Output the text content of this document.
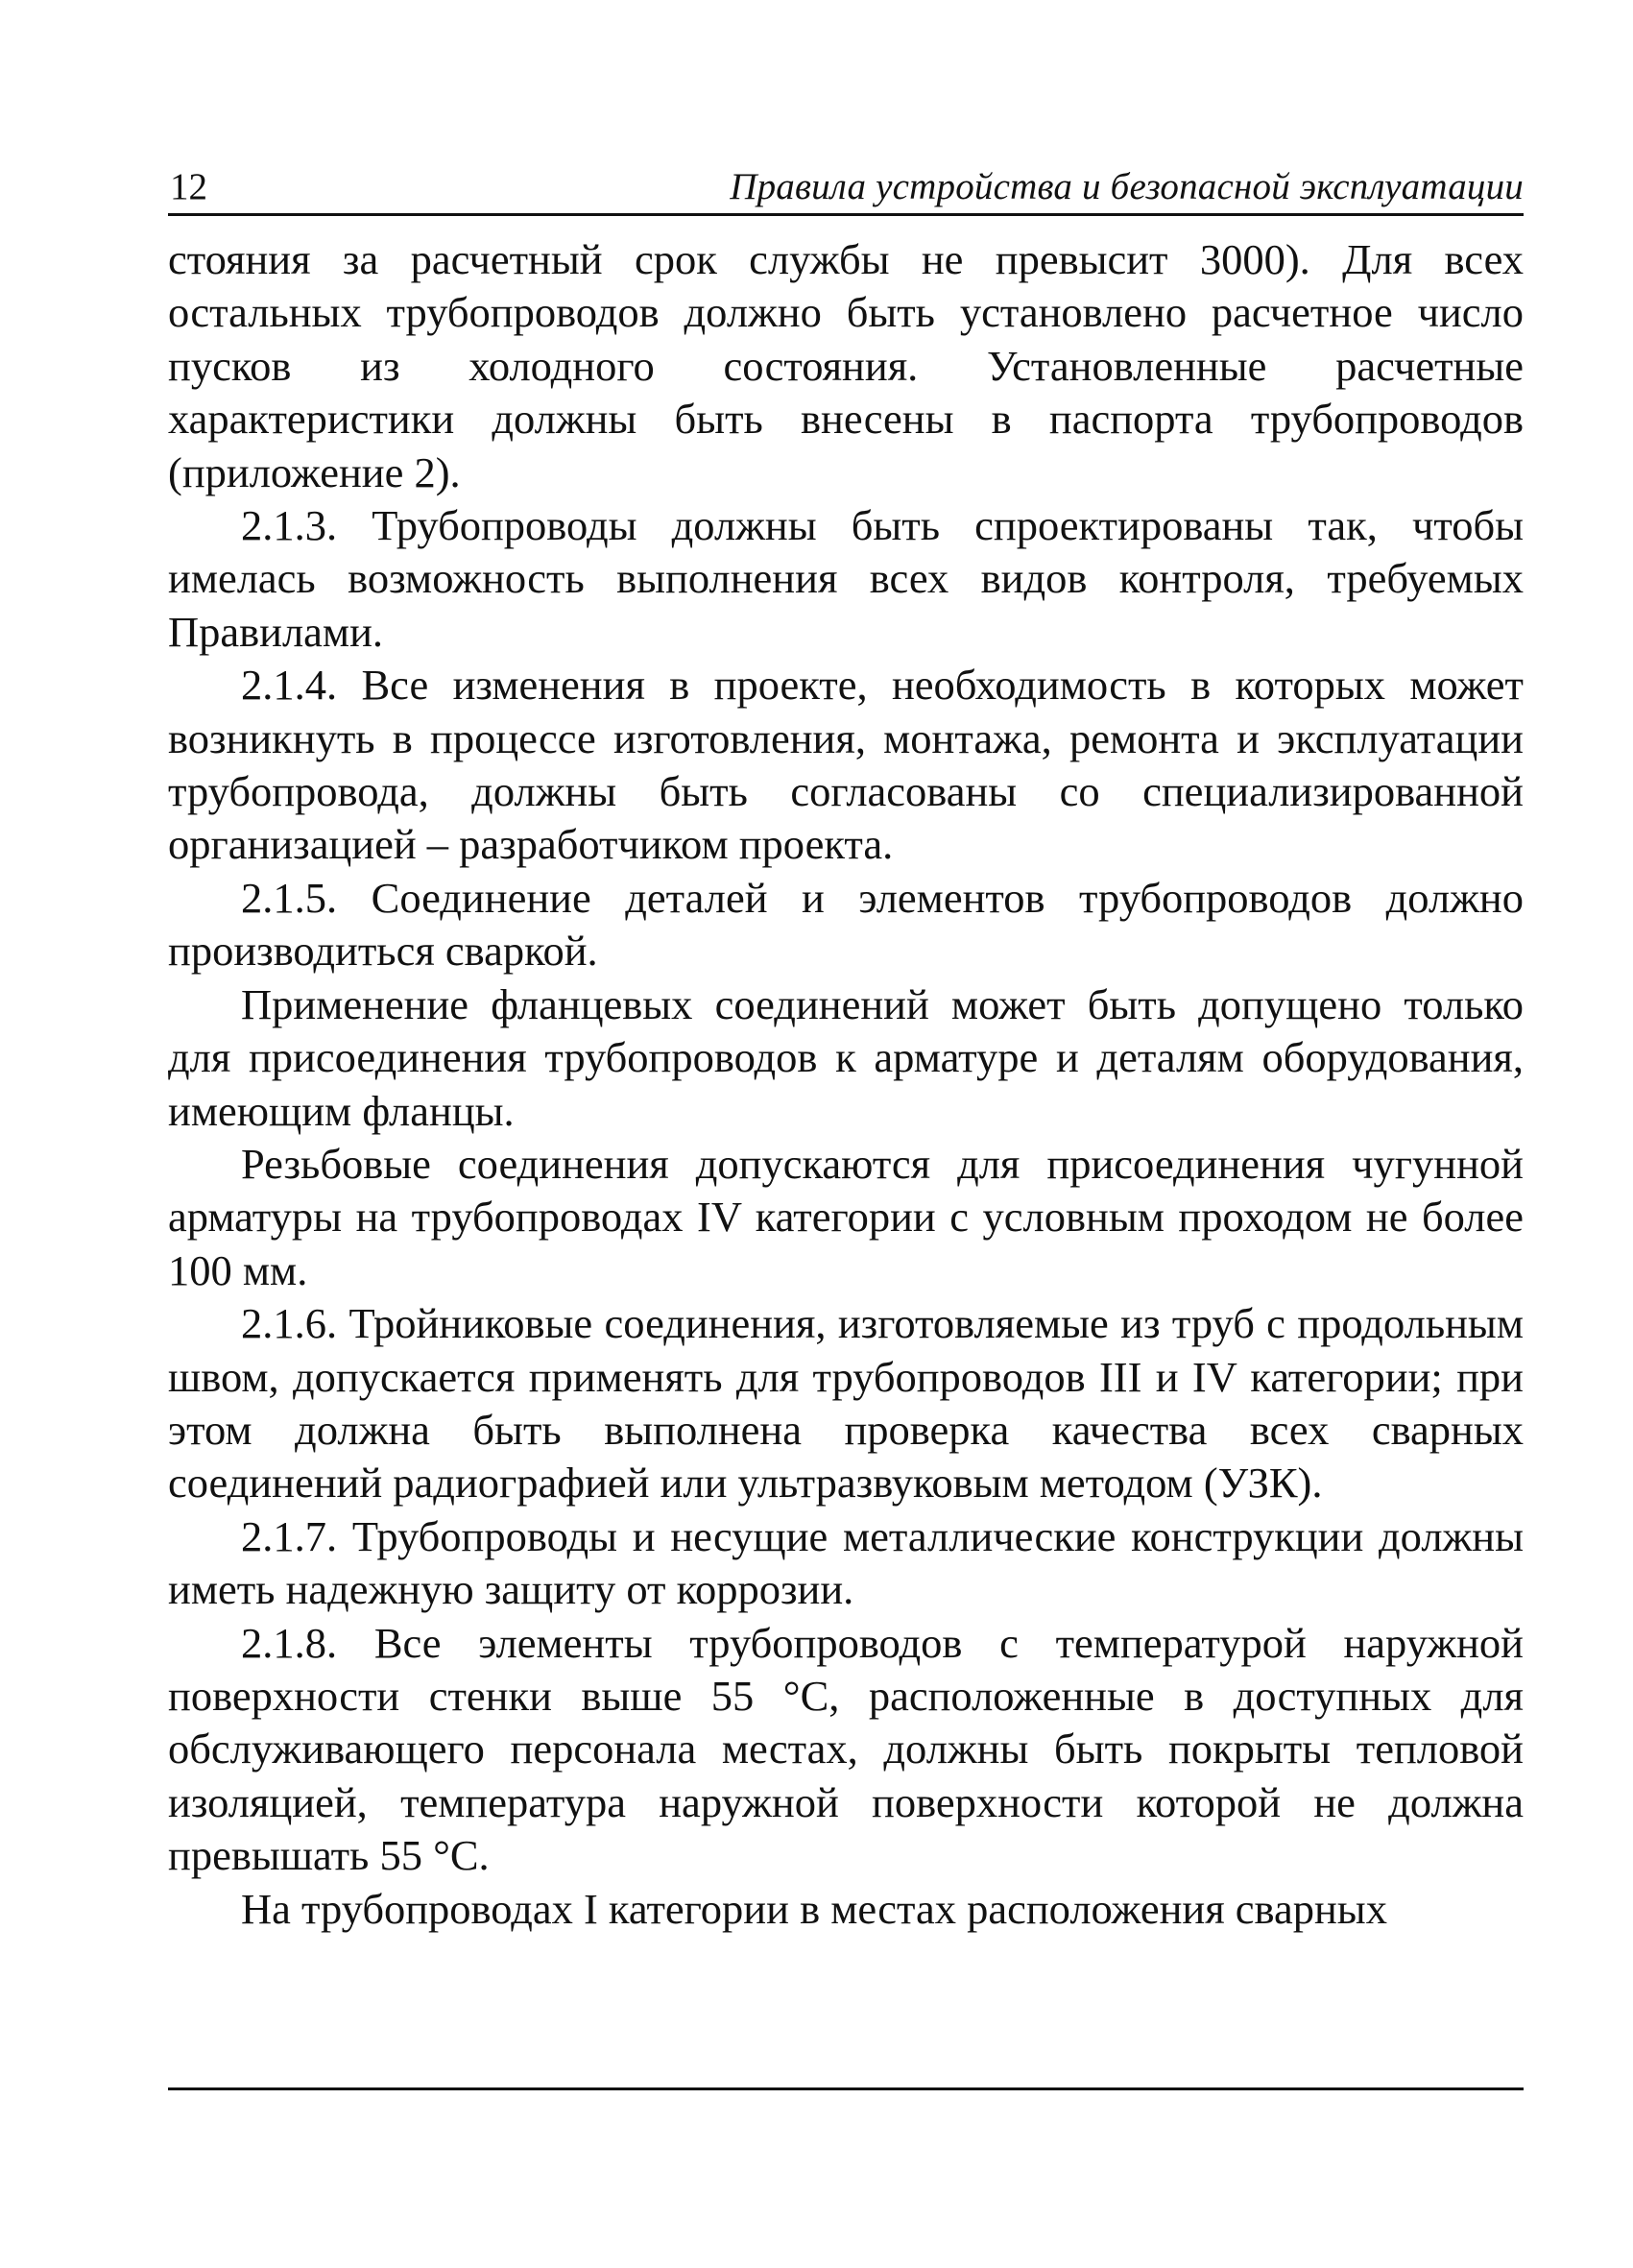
12	Правила устройства и безопасной эксплуатации

стояния за расчетный срок службы не превысит 3000). Для всех остальных трубопроводов должно быть установлено расчетное число пусков из холодного состояния. Установленные расчетные характеристики должны быть внесены в паспорта трубопроводов (приложение 2).

2.1.3. Трубопроводы должны быть спроектированы так, чтобы имелась возможность выполнения всех видов контроля, требуемых Правилами.

2.1.4. Все изменения в проекте, необходимость в которых может возникнуть в процессе изготовления, монтажа, ремонта и эксплуатации трубопровода, должны быть согласованы со специализированной организацией – разработчиком проекта.

2.1.5. Соединение деталей и элементов трубопроводов должно производиться сваркой.

Применение фланцевых соединений может быть допущено только для присоединения трубопроводов к арматуре и деталям оборудования, имеющим фланцы.

Резьбовые соединения допускаются для присоединения чугунной арматуры на трубопроводах IV категории с условным проходом не более 100 мм.

2.1.6. Тройниковые соединения, изготовляемые из труб с продольным швом, допускается применять для трубопроводов III и IV категории; при этом должна быть выполнена проверка качества всех сварных соединений радиографией или ультразвуковым методом (УЗК).

2.1.7. Трубопроводы и несущие металлические конструкции должны иметь надежную защиту от коррозии.

2.1.8. Все элементы трубопроводов с температурой наружной поверхности стенки выше 55 °С, расположенные в доступных для обслуживающего персонала местах, должны быть покрыты тепловой изоляцией, температура наружной поверхности которой не должна превышать 55 °С.

На трубопроводах I категории в местах расположения сварных
